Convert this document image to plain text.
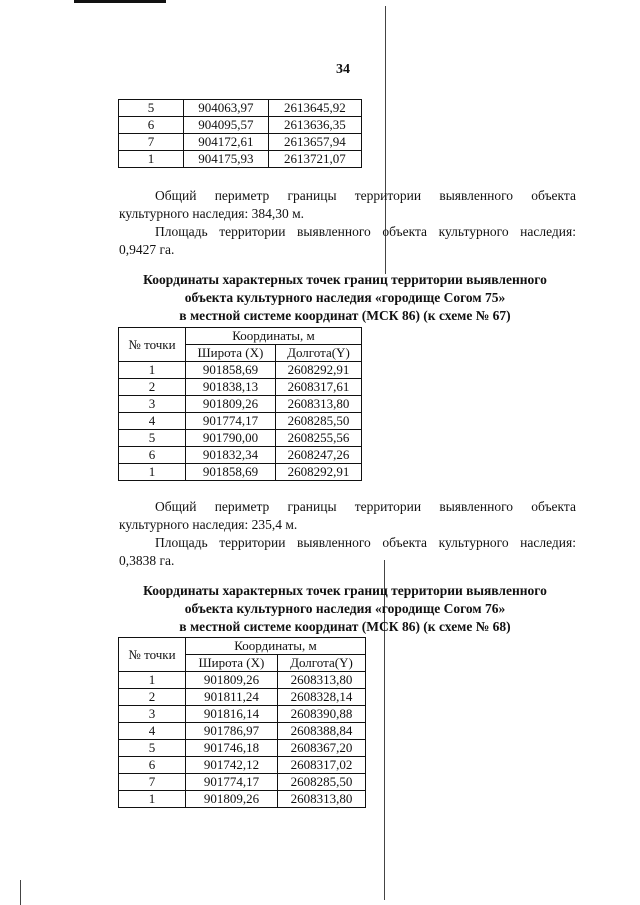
34
5	904063,97	2613645,92
6	904095,57	2613636,35
7	904172,61	2613657,94
1	904175,93	2613721,07
Общий периметр границы территории выявленного объекта
культурного наследия: 384,30 м.
Площадь территории выявленного объекта культурного наследия:
0,9427 га.
Координаты характерных точек границ территории выявленного
объекта культурного наследия «городище Согом 75»
в местной системе координат (МСК 86) (к схеме № 67)
№ точки	Координаты, м	
	Широта (X)	Долгота(Y)
1	901858,69	2608292,91
2	901838,13	2608317,61
3	901809,26	2608313,80
4	901774,17	2608285,50
5	901790,00	2608255,56
6	901832,34	2608247,26
1	901858,69	2608292,91
Общий периметр границы территории выявленного объекта
культурного наследия: 235,4 м.
Площадь территории выявленного объекта культурного наследия:
0,3838 га.
Координаты характерных точек границ территории выявленного
объекта культурного наследия «городище Согом 76»
в местной системе координат (МСК 86) (к схеме № 68)
№ точки	Координаты, м	
	Широта (X)	Долгота(Y)
1	901809,26	2608313,80
2	901811,24	2608328,14
3	901816,14	2608390,88
4	901786,97	2608388,84
5	901746,18	2608367,20
6	901742,12	2608317,02
7	901774,17	2608285,50
1	901809,26	2608313,80
